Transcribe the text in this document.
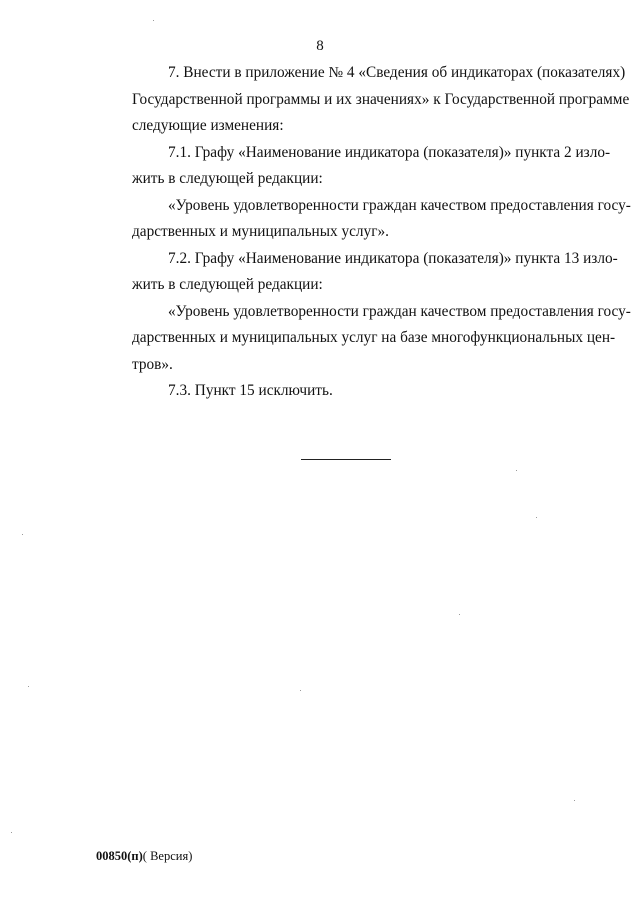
8

7. Внести в приложение № 4 «Сведения об индикаторах (показателях)
Государственной программы и их значениях» к Государственной программе
следующие изменения:

7.1. Графу «Наименование индикатора (показателя)» пункта 2 изло-
жить в следующей редакции:

«Уровень удовлетворенности граждан качеством предоставления госу-
дарственных и муниципальных услуг».

7.2. Графу «Наименование индикатора (показателя)» пункта 13 изло-
жить в следующей редакции:

«Уровень удовлетворенности граждан качеством предоставления госу-
дарственных и муниципальных услуг на базе многофункциональных цен-
тров».

7.3. Пункт 15 исключить.

00850(п)( Версия)
